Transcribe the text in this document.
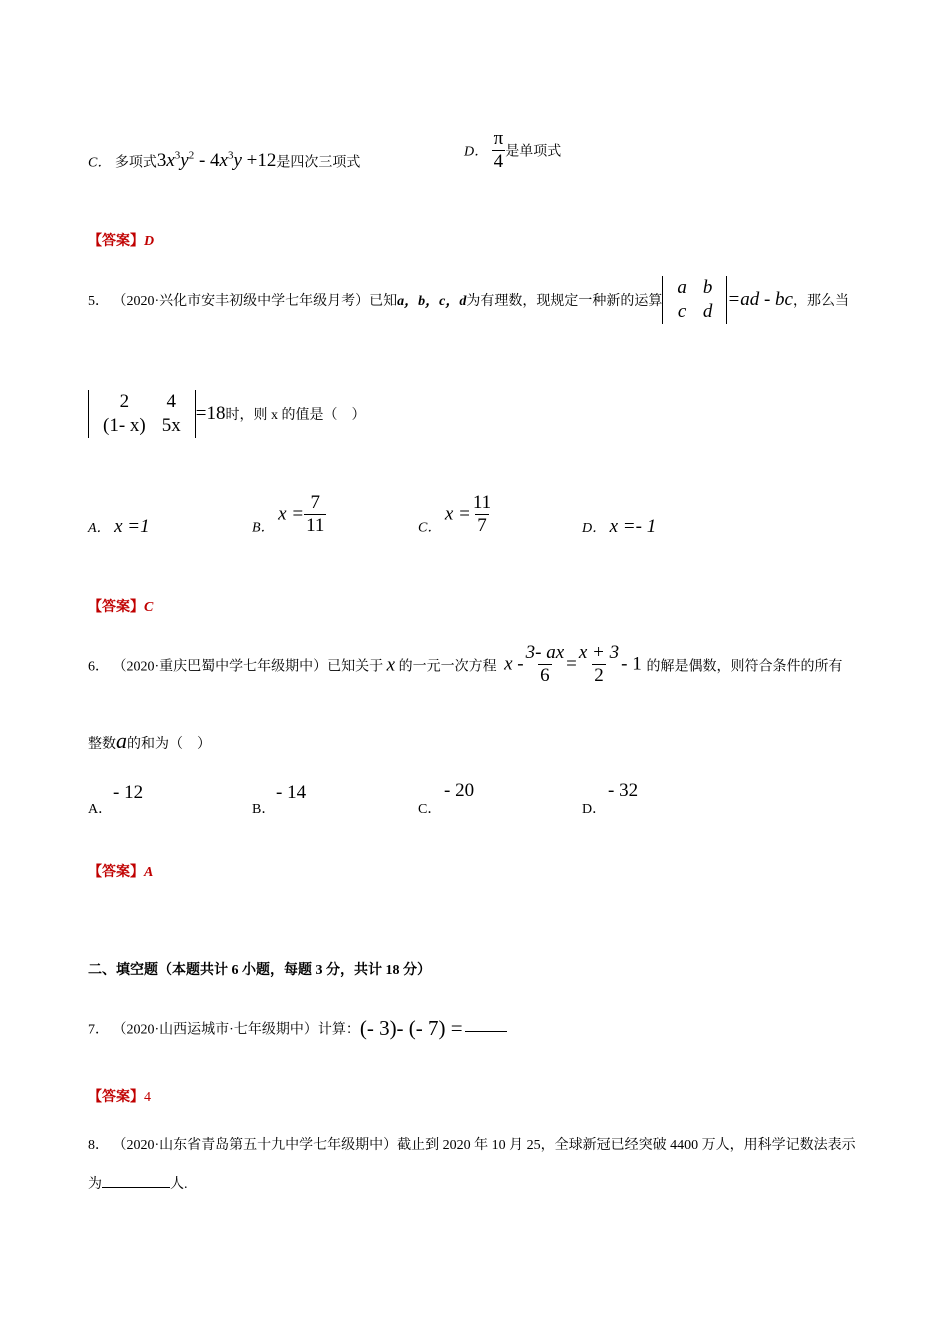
C． 多项式$3x^3y^2 - 4x^3y +12$是四次三项式
D． $\frac{\pi}{4}$ 是单项式
【答案】D
5． （2020·兴化市安丰初级中学七年级月考）已知a，b，c，d为有理数，现规定一种新的运算
a	b
c	d
=ad - bc，那么当
2	4
(1- x)	5x
=18时，则 x 的值是（　）
A． x =1	B． $x = \frac{7}{11}$	C． $x = \frac{11}{7}$	D． x =- 1
【答案】C
6． （2020·重庆巴蜀中学七年级期中）已知关于 x 的一元一次方程 $x - \frac{3- ax}{6} = \frac{x + 3}{2} - 1$ 的解是偶数，则符合条件的所有
整数a的和为（　）
A．
- 12
B．
- 14
C．
- 20
D．
- 32
【答案】A
二、填空题（本题共计 6 小题，每题 3 分，共计 18 分）
7． （2020·山西运城市·七年级期中）计算：(- 3)- (- 7) =
【答案】4
8． （2020·山东省青岛第五十九中学七年级期中）截止到 2020 年 10 月 25，全球新冠已经突破 4400 万人，用科学记数法表示
为	人.
